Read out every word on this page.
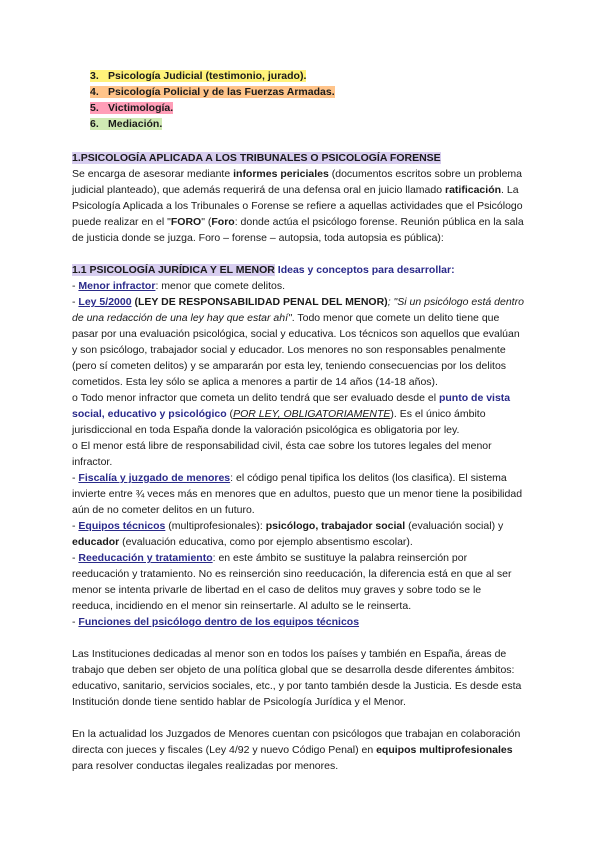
3. Psicología Judicial (testimonio, jurado).
4. Psicología Policial y de las Fuerzas Armadas.
5. Victimología.
6. Mediación.
1.PSICOLOGÍA APLICADA A LOS TRIBUNALES O PSICOLOGÍA FORENSE

Se encarga de asesorar mediante informes periciales (documentos escritos sobre un problema judicial planteado), que además requerirá de una defensa oral en juicio llamado ratificación. La Psicología Aplicada a los Tribunales o Forense se refiere a aquellas actividades que el Psicólogo puede realizar en el "FORO" (Foro: donde actúa el psicólogo forense. Reunión pública en la sala de justicia donde se juzga. Foro – forense – autopsia, toda autopsia es pública):

1.1 PSICOLOGÍA JURÍDICA Y EL MENOR Ideas y conceptos para desarrollar:

- Menor infractor: menor que comete delitos.

- Ley 5/2000 (LEY DE RESPONSABILIDAD PENAL DEL MENOR); "Si un psicólogo está dentro de una redacción de una ley hay que estar ahí". Todo menor que comete un delito tiene que pasar por una evaluación psicológica, social y educativa. Los técnicos son aquellos que evalúan y son psicólogo, trabajador social y educador. Los menores no son responsables penalmente (pero sí cometen delitos) y se ampararán por esta ley, teniendo consecuencias por los delitos cometidos. Esta ley sólo se aplica a menores a partir de 14 años (14-18 años).

o Todo menor infractor que cometa un delito tendrá que ser evaluado desde el punto de vista social, educativo y psicológico (POR LEY, OBLIGATORIAMENTE). Es el único ámbito jurisdiccional en toda España donde la valoración psicológica es obligatoria por ley.

o El menor está libre de responsabilidad civil, ésta cae sobre los tutores legales del menor infractor.

- Fiscalía y juzgado de menores: el código penal tipifica los delitos (los clasifica). El sistema invierte entre ¾ veces más en menores que en adultos, puesto que un menor tiene la posibilidad aún de no cometer delitos en un futuro.

- Equipos técnicos (multiprofesionales): psicólogo, trabajador social (evaluación social) y educador (evaluación educativa, como por ejemplo absentismo escolar).

- Reeducación y tratamiento: en este ámbito se sustituye la palabra reinserción por reeducación y tratamiento. No es reinserción sino reeducación, la diferencia está en que al ser menor se intenta privarle de libertad en el caso de delitos muy graves y sobre todo se le reeduca, incidiendo en el menor sin reinsertarle. Al adulto se le reinserta.

- Funciones del psicólogo dentro de los equipos técnicos

Las Instituciones dedicadas al menor son en todos los países y también en España, áreas de trabajo que deben ser objeto de una política global que se desarrolla desde diferentes ámbitos: educativo, sanitario, servicios sociales, etc., y por tanto también desde la Justicia. Es desde esta Institución donde tiene sentido hablar de Psicología Jurídica y el Menor.

En la actualidad los Juzgados de Menores cuentan con psicólogos que trabajan en colaboración directa con jueces y fiscales (Ley 4/92 y nuevo Código Penal) en equipos multiprofesionales para resolver conductas ilegales realizadas por menores.
